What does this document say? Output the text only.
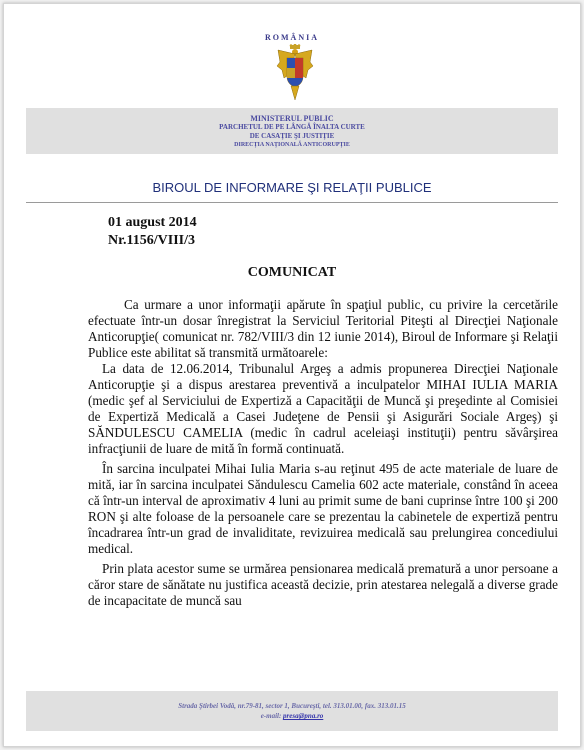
ROMÂNIA
MINISTERUL PUBLIC
PARCHETUL DE PE LÂNGĂ ÎNALTA CURTE
DE CASAŢIE ŞI JUSTIŢIE
DIRECŢIA NAŢIONALĂ ANTICORUPŢIE
BIROUL DE INFORMARE ŞI RELAŢII PUBLICE
01 august 2014
Nr.1156/VIII/3
COMUNICAT

Ca urmare a unor informaţii apărute în spaţiul public, cu privire la cercetările efectuate într-un dosar înregistrat la Serviciul Teritorial Piteşti al Direcţiei Naţionale Anticorupţie( comunicat nr. 782/VIII/3 din 12 iunie 2014), Biroul de Informare şi Relaţii Publice este abilitat să transmită următoarele:

La data de 12.06.2014, Tribunalul Argeş a admis propunerea Direcţiei Naţionale Anticorupţie şi a dispus arestarea preventivă a inculpatelor MIHAI IULIA MARIA (medic şef al Serviciului de Expertiză a Capacităţii de Muncă şi preşedinte al Comisiei de Expertiză Medicală a Casei Judeţene de Pensii şi Asigurări Sociale Argeş) şi SĂNDULESCU CAMELIA (medic în cadrul aceleiaşi instituţii) pentru săvârşirea infracţiunii de luare de mită în formă continuată.

În sarcina inculpatei Mihai Iulia Maria s-au reţinut 495 de acte materiale de luare de mită, iar în sarcina inculpatei Săndulescu Camelia 602 acte materiale, constând în aceea că într-un interval de aproximativ 4 luni au primit sume de bani cuprinse între 100 şi 200 RON şi alte foloase de la persoanele care se prezentau la cabinetele de expertiză pentru încadrarea într-un grad de invaliditate, revizuirea medicală sau prelungirea concediului medical.

Prin plata acestor sume se urmărea pensionarea medicală prematură a unor persoane a căror stare de sănătate nu justifica această decizie, prin atestarea nelegală a diverse grade de incapacitate de muncă sau

Strada Ştirbei Vodă, nr.79-81, sector 1, Bucureşti, tel. 313.01.00, fax. 313.01.15
e-mail: presa@pna.ro
